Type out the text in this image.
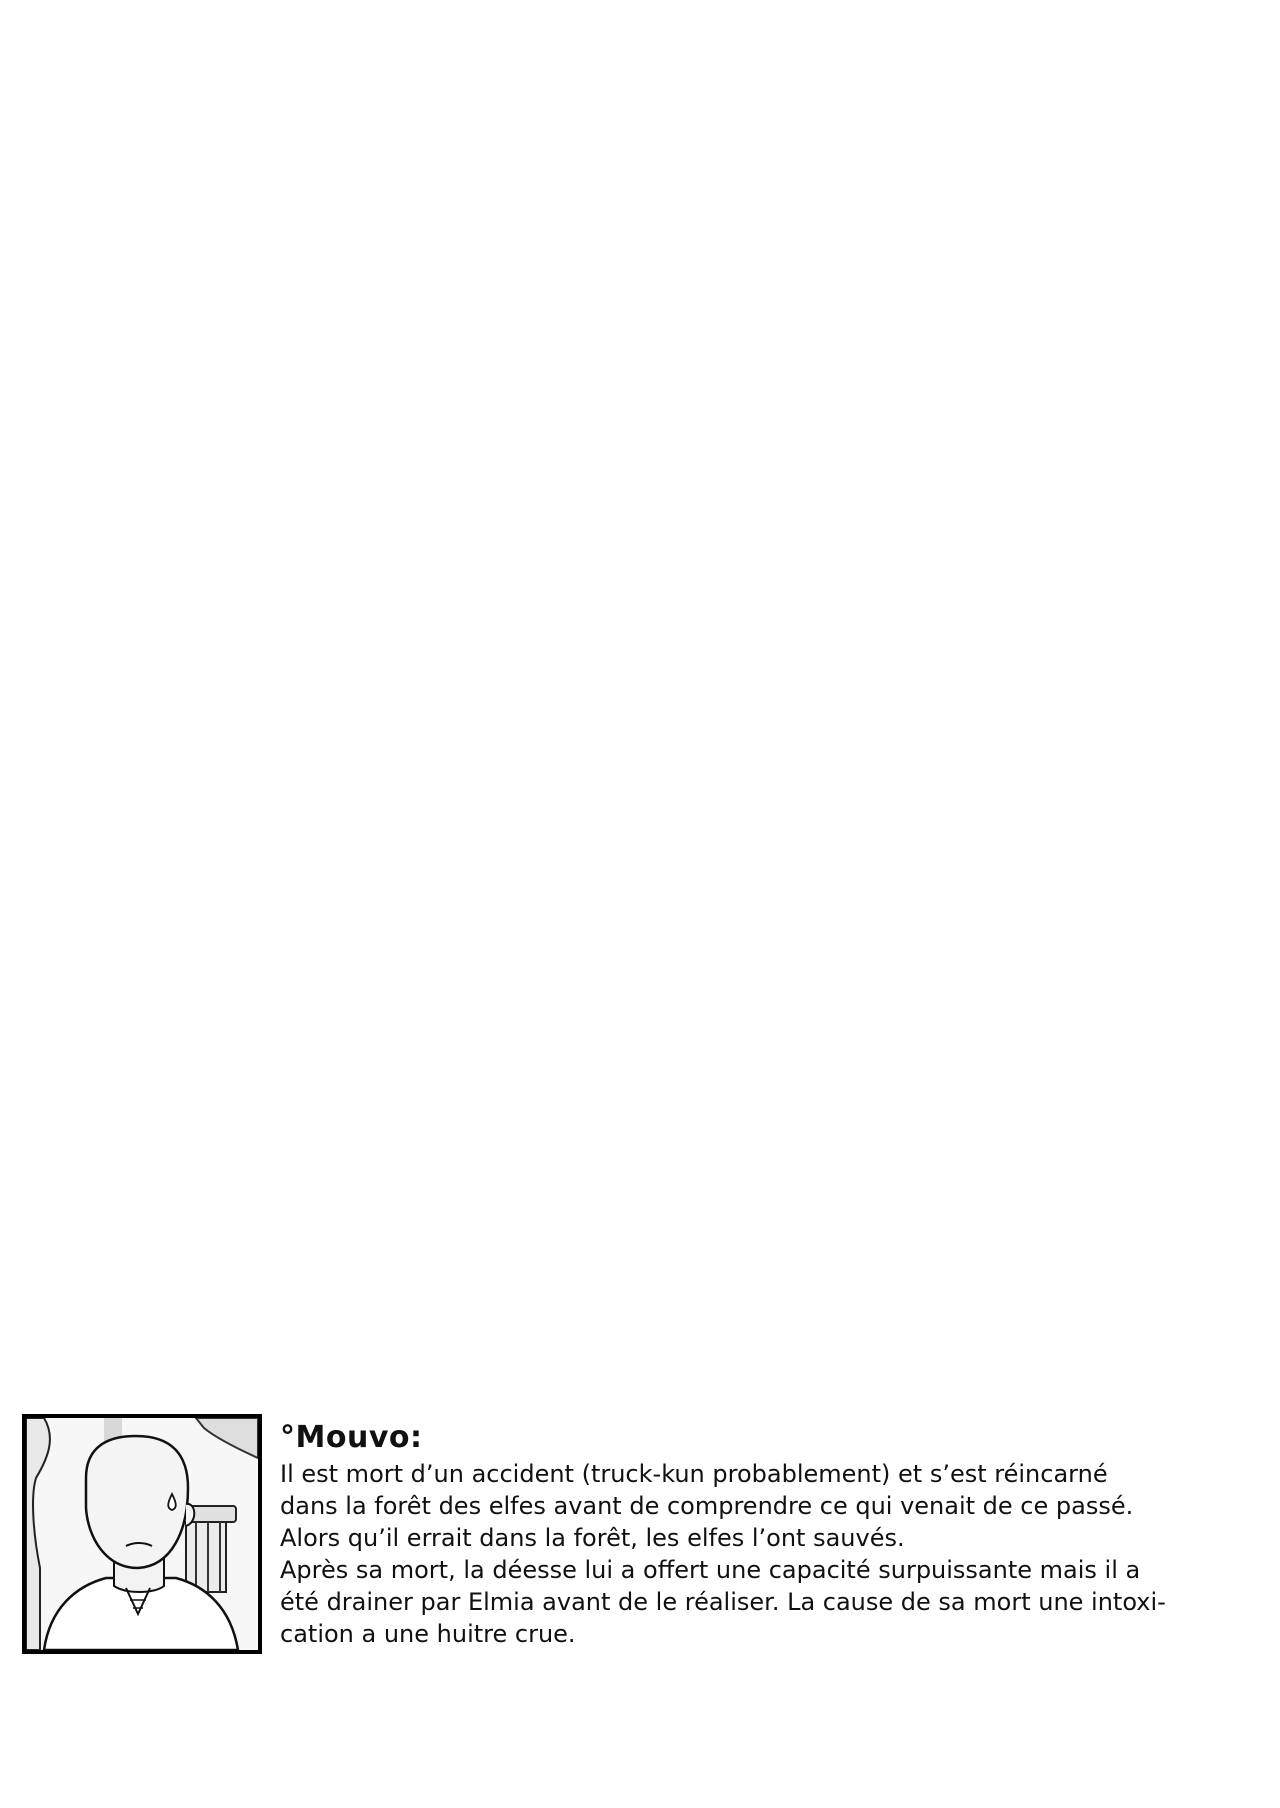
°Mouvo:
Il est mort d’un accident (truck-kun probablement) et s’est réincarné
dans la forêt des elfes avant de comprendre ce qui venait de ce passé.
Alors qu’il errait dans la forêt, les elfes l’ont sauvés.
Après sa mort, la déesse lui a offert une capacité surpuissante mais il a
été drainer par Elmia avant de le réaliser. La cause de sa mort une intoxi-
cation a une huitre crue.
